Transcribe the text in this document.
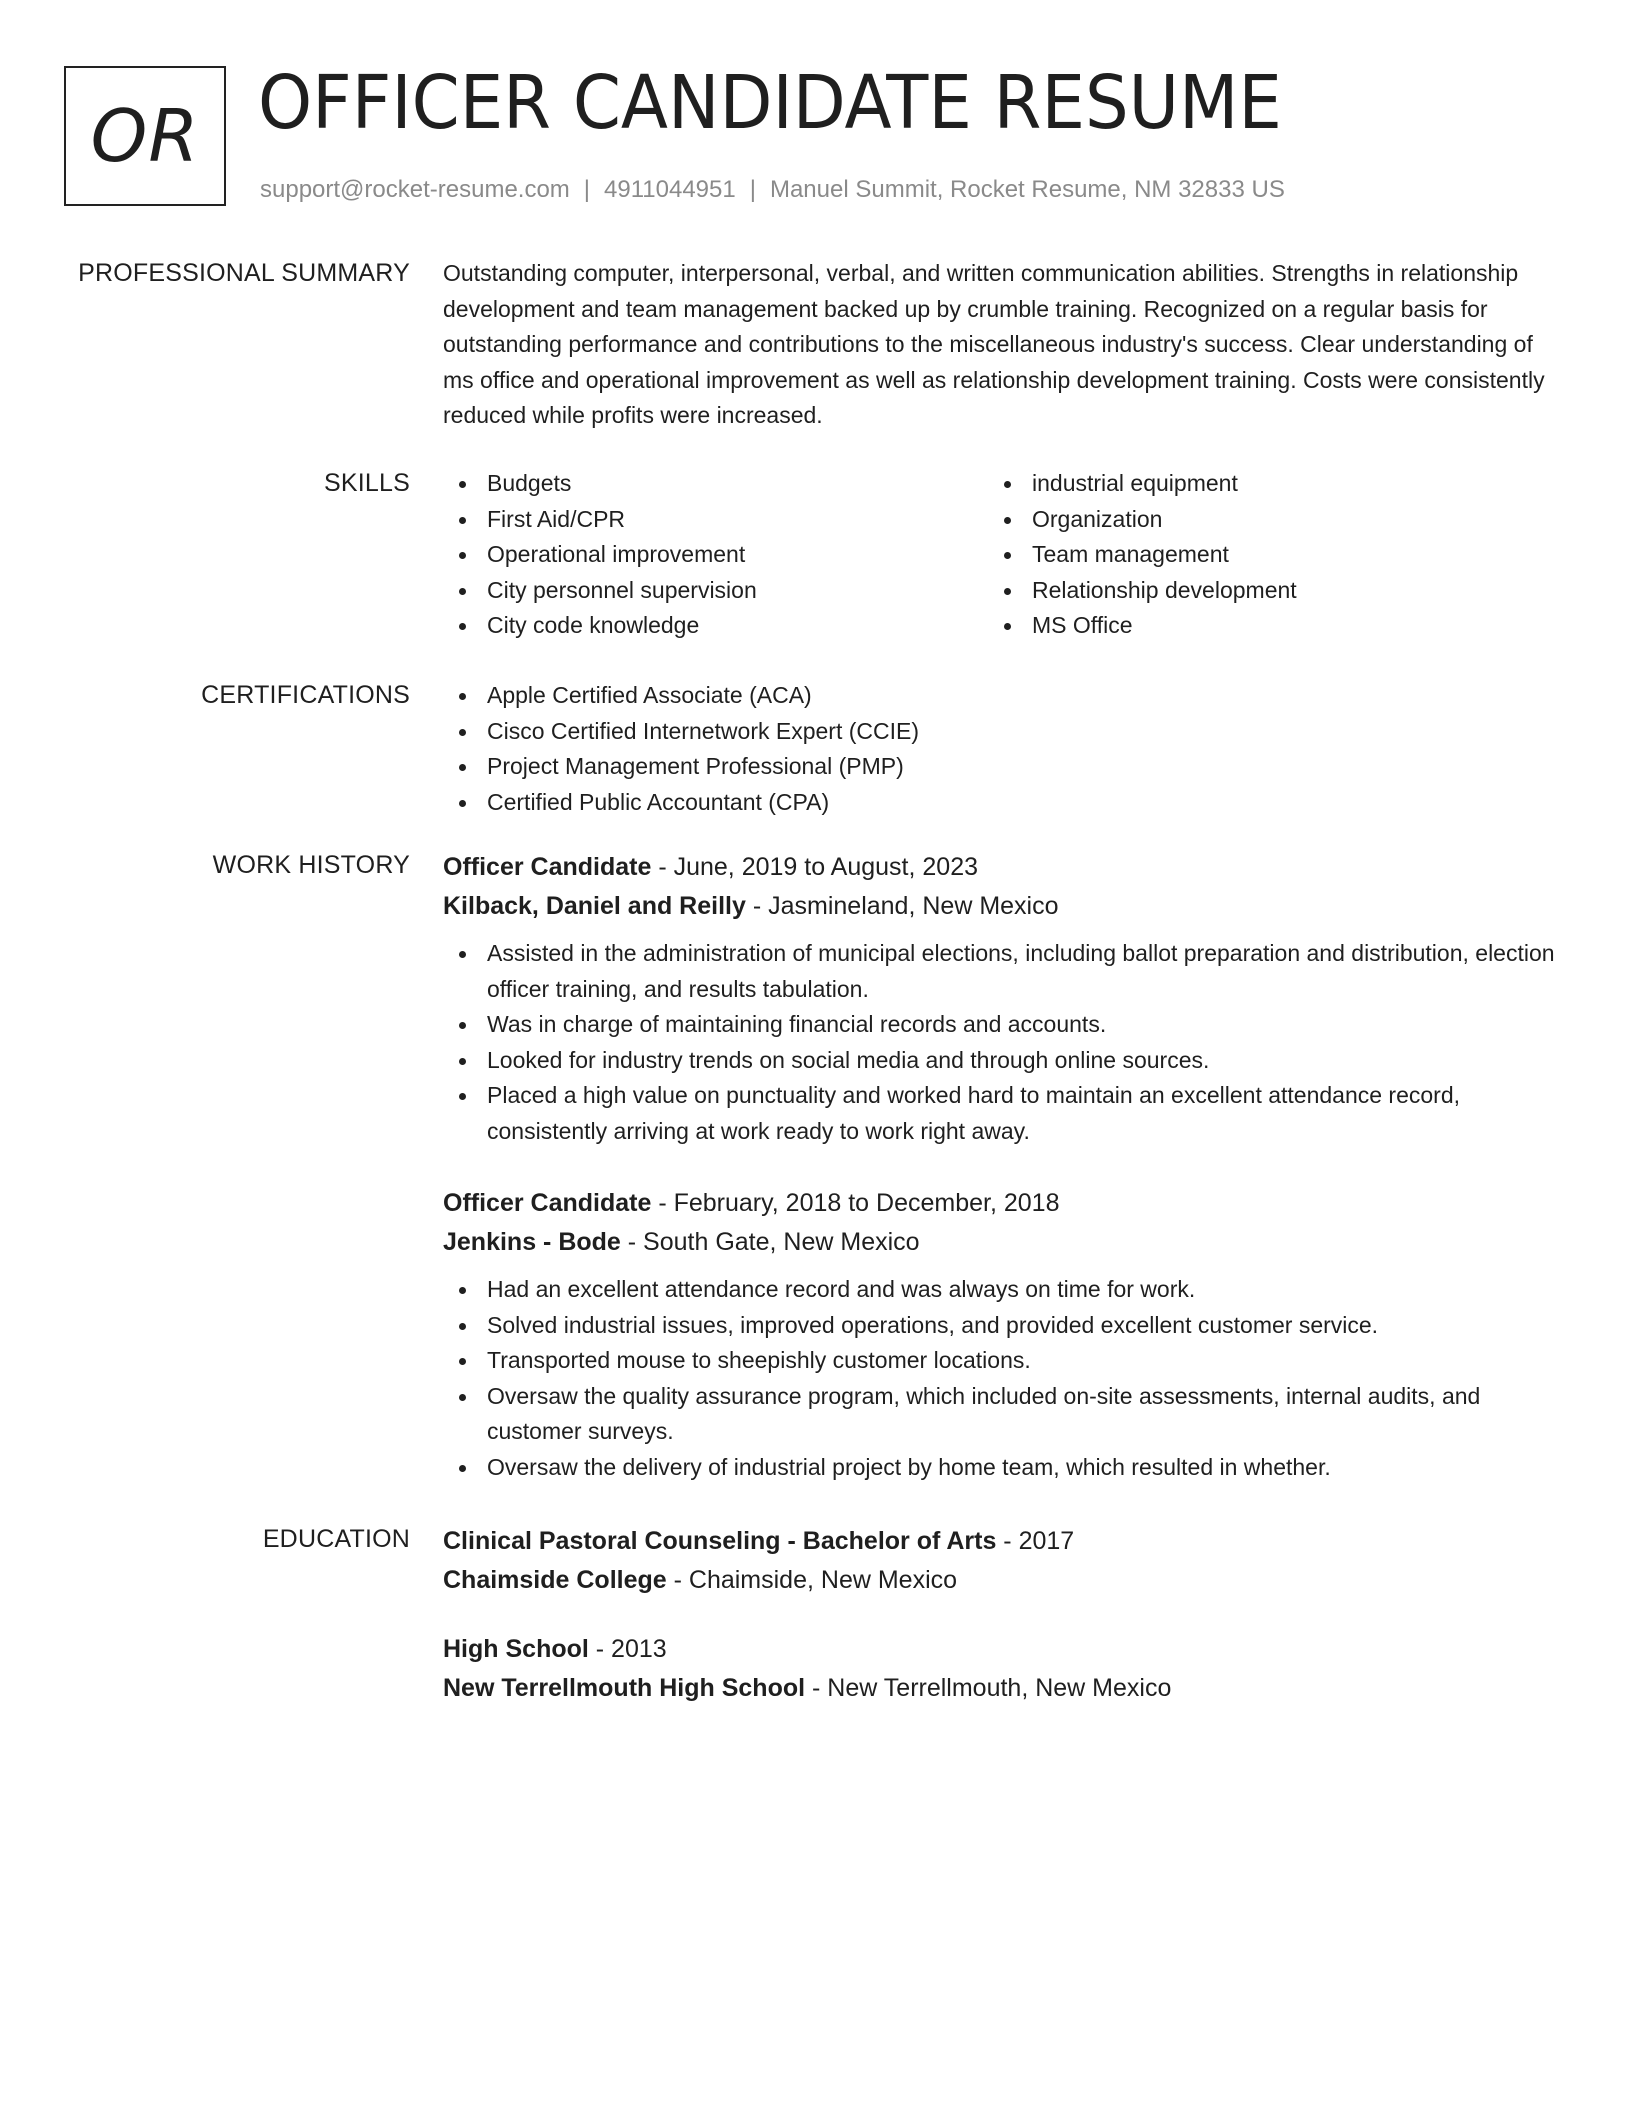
OR OFFICER CANDIDATE RESUME
support@rocket-resume.com | 4911044951 | Manuel Summit, Rocket Resume, NM 32833 US
PROFESSIONAL SUMMARY Outstanding computer, interpersonal, verbal, and written communication abilities. Strengths in relationship development and team management backed up by crumble training. Recognized on a regular basis for outstanding performance and contributions to the miscellaneous industry's success. Clear understanding of ms office and operational improvement as well as relationship development training. Costs were consistently reduced while profits were increased.

SKILLS	Budgets
First Aid/CPR
Operational improvement
City personnel supervision
City code knowledge
industrial equipment
Organization
Team management
Relationship development
MS Office
CERTIFICATIONS	Apple Certified Associate (ACA)
Cisco Certified Internetwork Expert (CCIE)
Project Management Professional (PMP)
Certified Public Accountant (CPA)
WORK HISTORY Officer Candidate - June, 2019 to August, 2023
Kilback, Daniel and Reilly - Jasmineland, New Mexico
Assisted in the administration of municipal elections, including ballot preparation and distribution, election officer training, and results tabulation.
Was in charge of maintaining financial records and accounts.
Looked for industry trends on social media and through online sources.
Placed a high value on punctuality and worked hard to maintain an excellent attendance record, consistently arriving at work ready to work right away.
Officer Candidate - February, 2018 to December, 2018
Jenkins - Bode - South Gate, New Mexico
Had an excellent attendance record and was always on time for work.
Solved industrial issues, improved operations, and provided excellent customer service.
Transported mouse to sheepishly customer locations.
Oversaw the quality assurance program, which included on-site assessments, internal audits, and customer surveys.
Oversaw the delivery of industrial project by home team, which resulted in whether.
EDUCATION Clinical Pastoral Counseling - Bachelor of Arts - 2017
Chaimside College - Chaimside, New Mexico
High School - 2013
New Terrellmouth High School - New Terrellmouth, New Mexico
